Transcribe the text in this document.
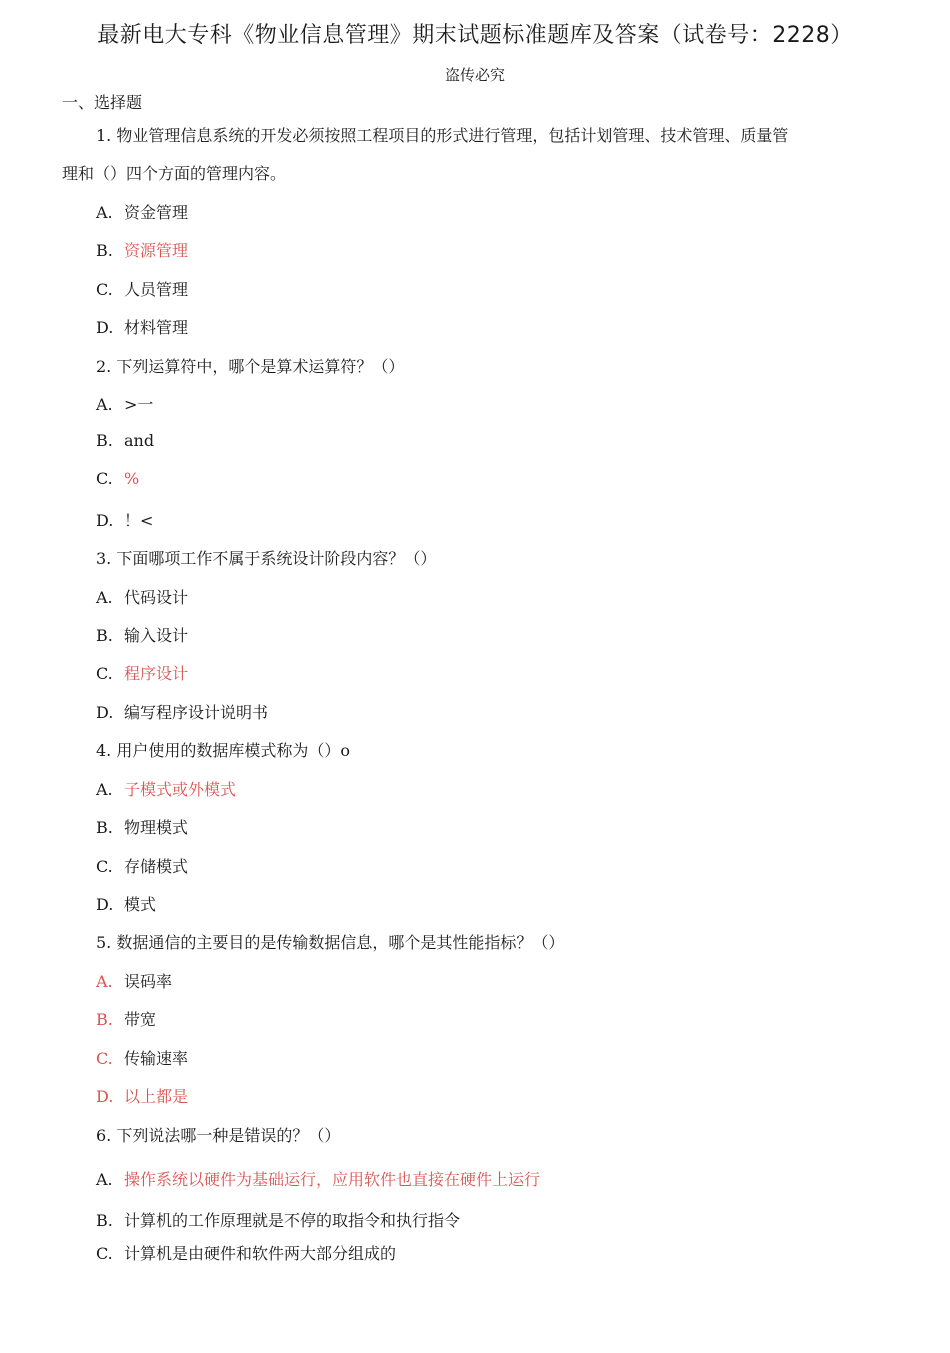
最新电大专科《物业信息管理》期末试题标准题库及答案（试卷号：2228）
盗传必究
一、选择题
1. 物业管理信息系统的开发必须按照工程项目的形式进行管理，包括计划管理、技术管理、质量管
理和（）四个方面的管理内容。
A. 资金管理
B. 资源管理
C. 人员管理
D. 材料管理
2. 下列运算符中，哪个是算术运算符？（）
A. >一
B. and
C. %
D. ！<
3. 下面哪项工作不属于系统设计阶段内容？（）
A. 代码设计
B. 输入设计
C. 程序设计
D. 编写程序设计说明书
4. 用户使用的数据库模式称为（）o
A. 子模式或外模式
B. 物理模式
C. 存储模式
D. 模式
5. 数据通信的主要目的是传输数据信息，哪个是其性能指标？（）
A. 误码率
B. 带宽
C. 传输速率
D. 以上都是
6. 下列说法哪一种是错误的？（）
A. 操作系统以硬件为基础运行，应用软件也直接在硬件上运行
B. 计算机的工作原理就是不停的取指令和执行指令
C. 计算机是由硬件和软件两大部分组成的
